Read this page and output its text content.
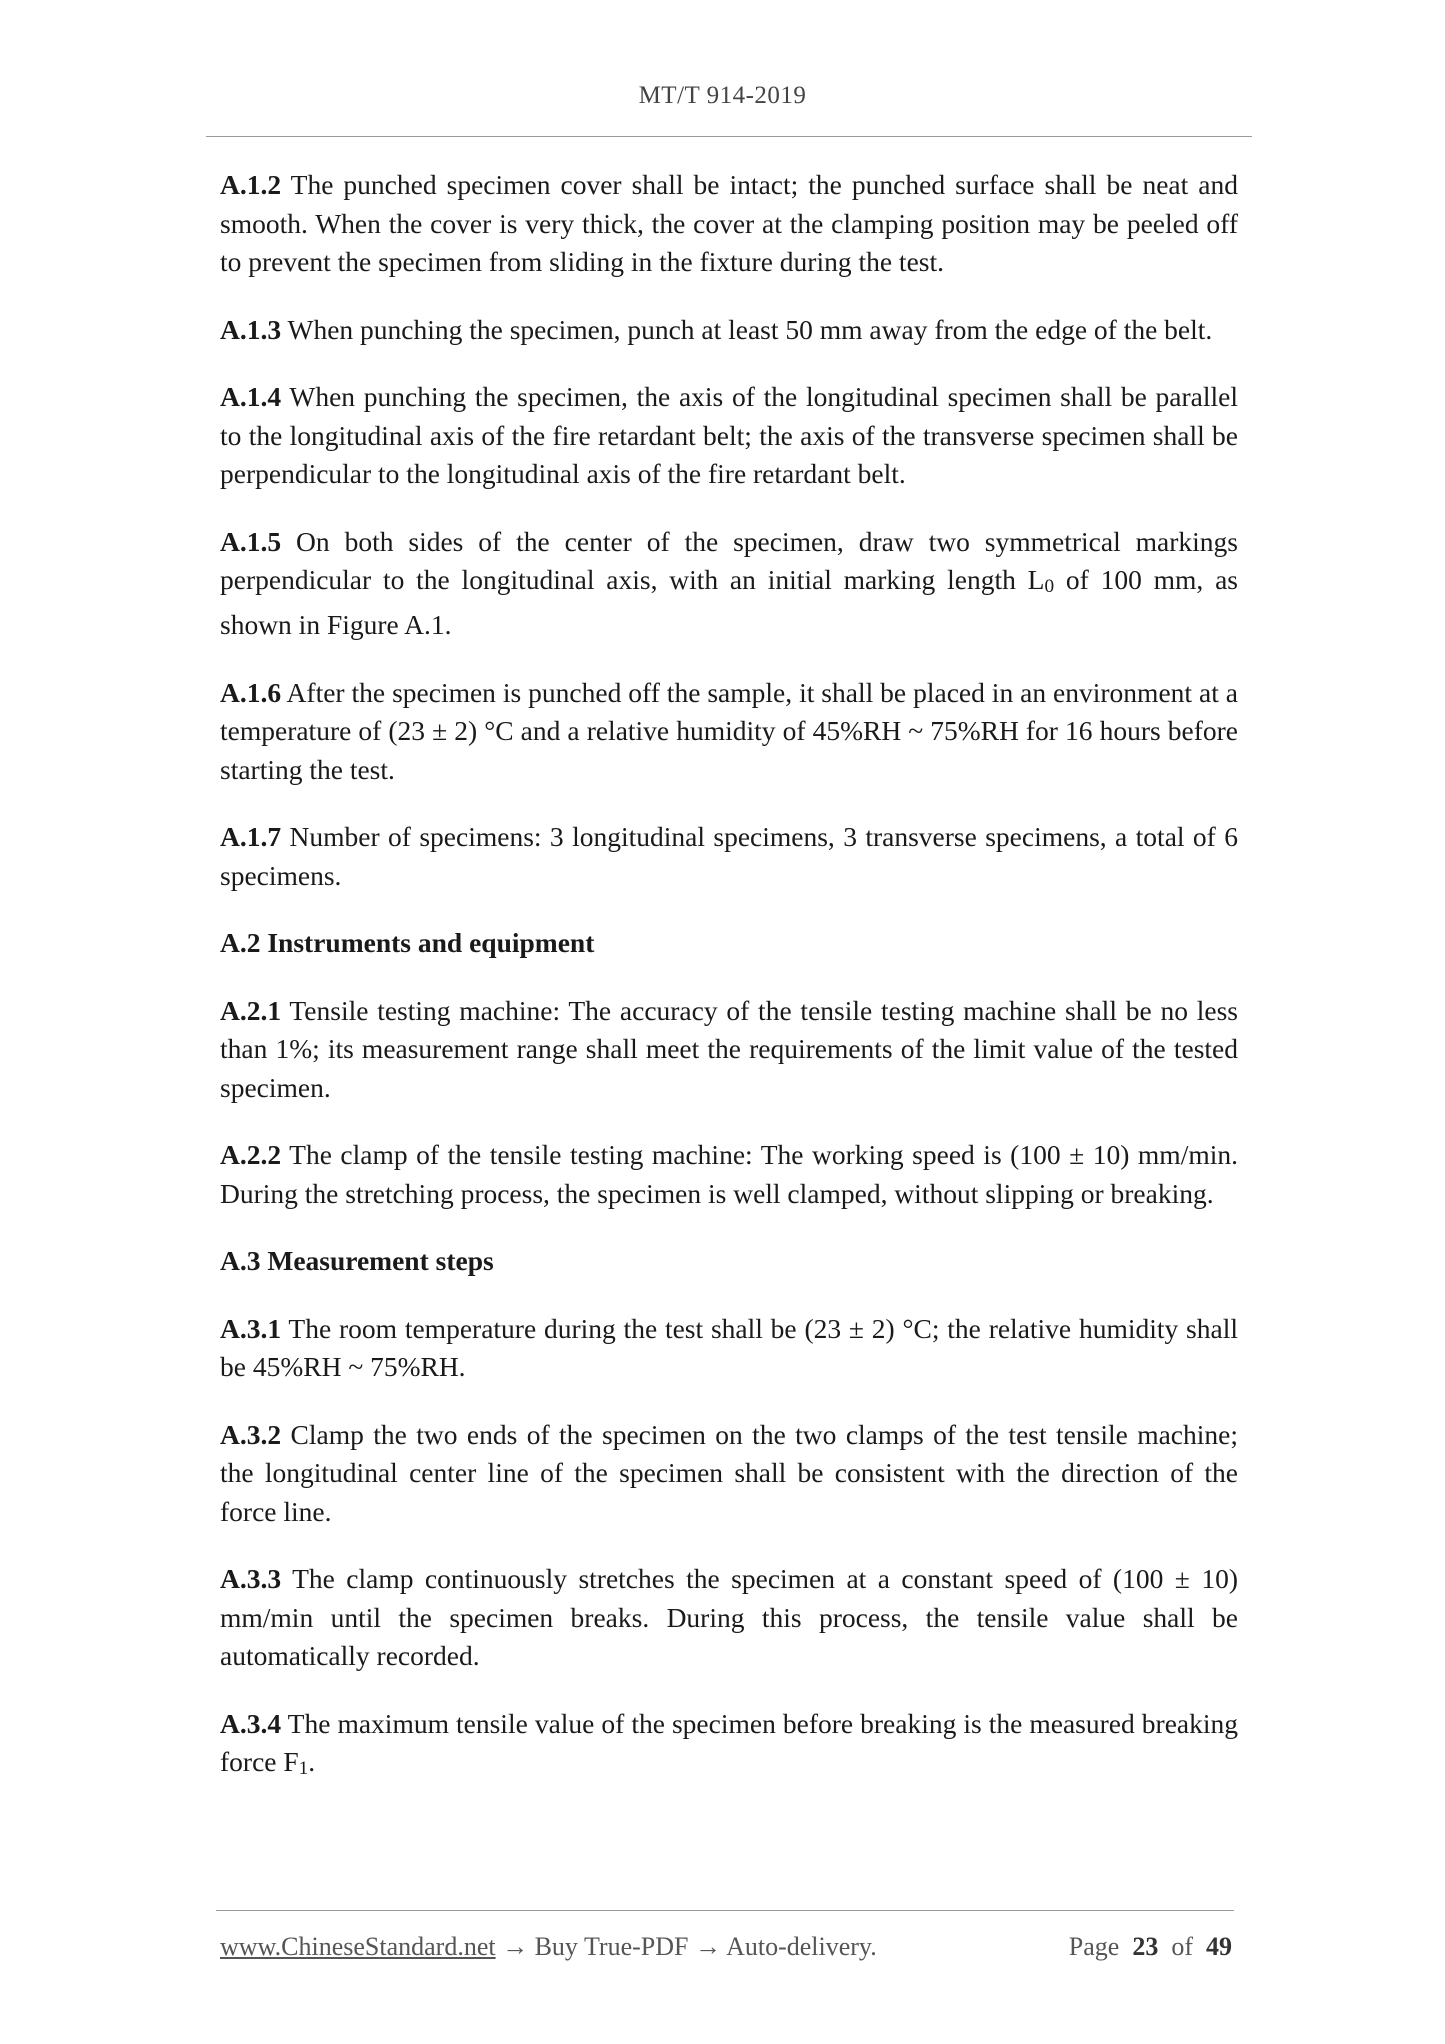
MT/T 914-2019

A.1.2 The punched specimen cover shall be intact; the punched surface shall be neat and smooth. When the cover is very thick, the cover at the clamping position may be peeled off to prevent the specimen from sliding in the fixture during the test.

A.1.3 When punching the specimen, punch at least 50 mm away from the edge of the belt.

A.1.4 When punching the specimen, the axis of the longitudinal specimen shall be parallel to the longitudinal axis of the fire retardant belt; the axis of the transverse specimen shall be perpendicular to the longitudinal axis of the fire retardant belt.

A.1.5 On both sides of the center of the specimen, draw two symmetrical markings perpendicular to the longitudinal axis, with an initial marking length $L_0$ of 100 mm, as shown in Figure A.1.

A.1.6 After the specimen is punched off the sample, it shall be placed in an environment at a temperature of (23 ± 2) °C and a relative humidity of 45%RH ~ 75%RH for 16 hours before starting the test.

A.1.7 Number of specimens: 3 longitudinal specimens, 3 transverse specimens, a total of 6 specimens.

A.2 Instruments and equipment

A.2.1 Tensile testing machine: The accuracy of the tensile testing machine shall be no less than 1%; its measurement range shall meet the requirements of the limit value of the tested specimen.

A.2.2 The clamp of the tensile testing machine: The working speed is (100 ± 10) mm/min. During the stretching process, the specimen is well clamped, without slipping or breaking.

A.3 Measurement steps

A.3.1 The room temperature during the test shall be (23 ± 2) °C; the relative humidity shall be 45%RH ~ 75%RH.

A.3.2 Clamp the two ends of the specimen on the two clamps of the test tensile machine; the longitudinal center line of the specimen shall be consistent with the direction of the force line.

A.3.3 The clamp continuously stretches the specimen at a constant speed of (100 ± 10) mm/min until the specimen breaks. During this process, the tensile value shall be automatically recorded.

A.3.4 The maximum tensile value of the specimen before breaking is the measured breaking force $F_1$.

www.ChineseStandard.net → Buy True-PDF → Auto-delivery.	Page 23 of 49
